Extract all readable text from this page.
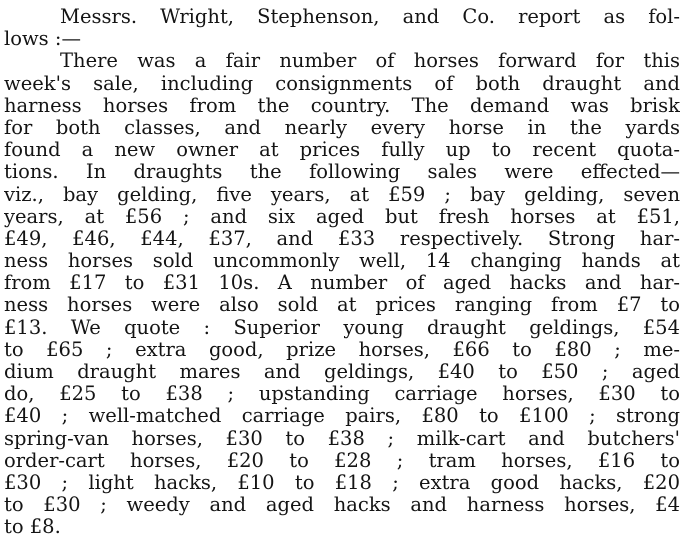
Messrs. Wright, Stephenson, and Co. report as fol-
lows :—
There was a fair number of horses forward for this
week's sale, including consignments of both draught and
harness horses from the country. The demand was brisk
for both classes, and nearly every horse in the yards
found a new owner at prices fully up to recent quota-
tions. In draughts the following sales were effected—
viz., bay gelding, five years, at £59 ; bay gelding, seven
years, at £56 ; and six aged but fresh horses at £51,
£49, £46, £44, £37, and £33 respectively. Strong har-
ness horses sold uncommonly well, 14 changing hands at
from £17 to £31 10s. A number of aged hacks and har-
ness horses were also sold at prices ranging from £7 to
£13. We quote : Superior young draught geldings, £54
to £65 ; extra good, prize horses, £66 to £80 ; me-
dium draught mares and geldings, £40 to £50 ; aged
do, £25 to £38 ; upstanding carriage horses, £30 to
£40 ; well-matched carriage pairs, £80 to £100 ; strong
spring-van horses, £30 to £38 ; milk-cart and butchers'
order-cart horses, £20 to £28 ; tram horses, £16 to
£30 ; light hacks, £10 to £18 ; extra good hacks, £20
to £30 ; weedy and aged hacks and harness horses, £4
to £8.
